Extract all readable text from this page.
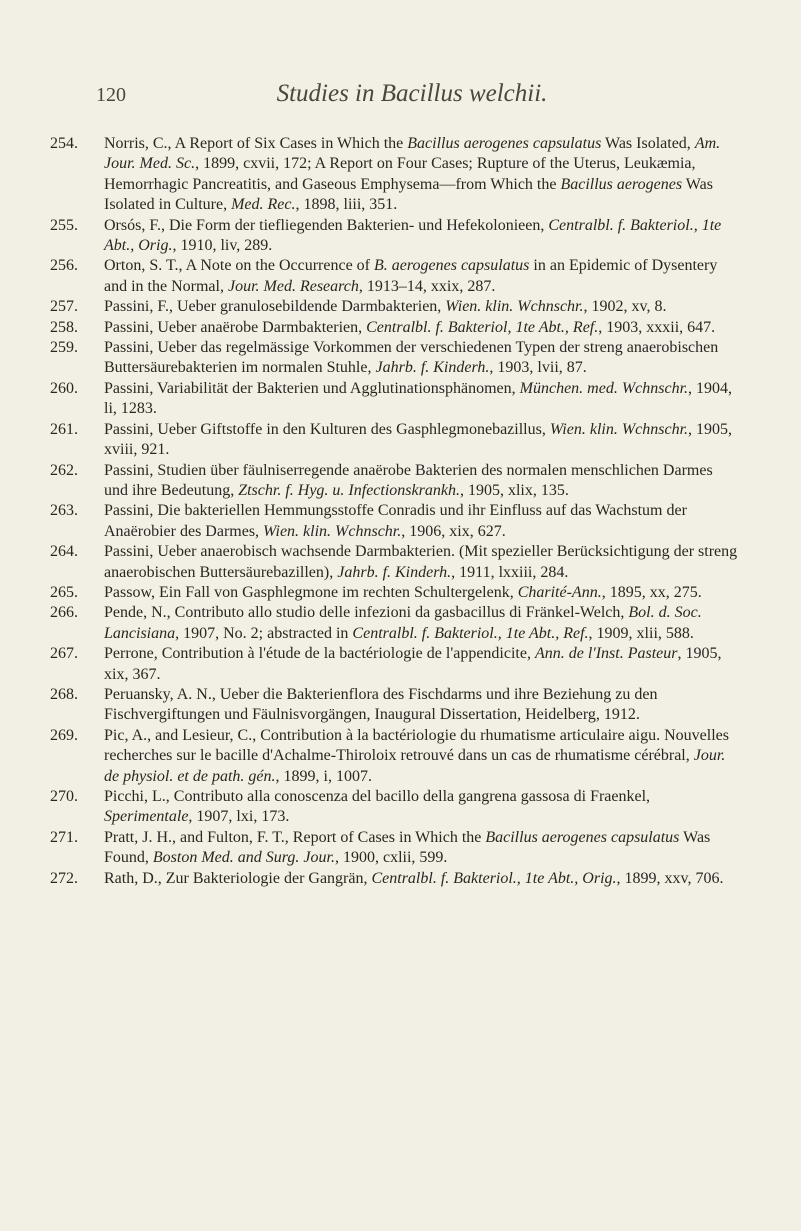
120	Studies in Bacillus welchii.
254.	Norris, C., A Report of Six Cases in Which the Bacillus aerogenes capsulatus Was Isolated, Am. Jour. Med. Sc., 1899, cxvii, 172; A Report on Four Cases; Rupture of the Uterus, Leukæmia, Hemorrhagic Pancreatitis, and Gaseous Emphysema—from Which the Bacillus aerogenes Was Isolated in Culture, Med. Rec., 1898, liii, 351.
255.	Orsós, F., Die Form der tiefliegenden Bakterien- und Hefekolonieen, Centralbl. f. Bakteriol., 1te Abt., Orig., 1910, liv, 289.
256.	Orton, S. T., A Note on the Occurrence of B. aerogenes capsulatus in an Epidemic of Dysentery and in the Normal, Jour. Med. Research, 1913–14, xxix, 287.
257.	Passini, F., Ueber granulosebildende Darmbakterien, Wien. klin. Wchnschr., 1902, xv, 8.
258.	Passini, Ueber anaërobe Darmbakterien, Centralbl. f. Bakteriol, 1te Abt., Ref., 1903, xxxii, 647.
259.	Passini, Ueber das regelmässige Vorkommen der verschiedenen Typen der streng anaerobischen Buttersäurebakterien im normalen Stuhle, Jahrb. f. Kinderh., 1903, lvii, 87.
260.	Passini, Variabilität der Bakterien und Agglutinationsphänomen, München. med. Wchnschr., 1904, li, 1283.
261.	Passini, Ueber Giftstoffe in den Kulturen des Gasphlegmonebazillus, Wien. klin. Wchnschr., 1905, xviii, 921.
262.	Passini, Studien über fäulniserregende anaërobe Bakterien des normalen menschlichen Darmes und ihre Bedeutung, Ztschr. f. Hyg. u. Infectionskrankh., 1905, xlix, 135.
263.	Passini, Die bakteriellen Hemmungsstoffe Conradis und ihr Einfluss auf das Wachstum der Anaërobier des Darmes, Wien. klin. Wchnschr., 1906, xix, 627.
264.	Passini, Ueber anaerobisch wachsende Darmbakterien. (Mit spezieller Berücksichtigung der streng anaerobischen Buttersäurebazillen), Jahrb. f. Kinderh., 1911, lxxiii, 284.
265.	Passow, Ein Fall von Gasphlegmone im rechten Schultergelenk, Charité-Ann., 1895, xx, 275.
266.	Pende, N., Contributo allo studio delle infezioni da gasbacillus di Fränkel-Welch, Bol. d. Soc. Lancisiana, 1907, No. 2; abstracted in Centralbl. f. Bakteriol., 1te Abt., Ref., 1909, xlii, 588.
267.	Perrone, Contribution à l'étude de la bactériologie de l'appendicite, Ann. de l'Inst. Pasteur, 1905, xix, 367.
268.	Peruansky, A. N., Ueber die Bakterienflora des Fischdarms und ihre Beziehung zu den Fischvergiftungen und Fäulnisvorgängen, Inaugural Dissertation, Heidelberg, 1912.
269.	Pic, A., and Lesieur, C., Contribution à la bactériologie du rhumatisme articulaire aigu. Nouvelles recherches sur le bacille d'Achalme-Thiroloix retrouvé dans un cas de rhumatisme cérébral, Jour. de physiol. et de path. gén., 1899, i, 1007.
270.	Picchi, L., Contributo alla conoscenza del bacillo della gangrena gassosa di Fraenkel, Sperimentale, 1907, lxi, 173.
271.	Pratt, J. H., and Fulton, F. T., Report of Cases in Which the Bacillus aerogenes capsulatus Was Found, Boston Med. and Surg. Jour., 1900, cxlii, 599.
272.	Rath, D., Zur Bakteriologie der Gangrän, Centralbl. f. Bakteriol., 1te Abt., Orig., 1899, xxv, 706.
